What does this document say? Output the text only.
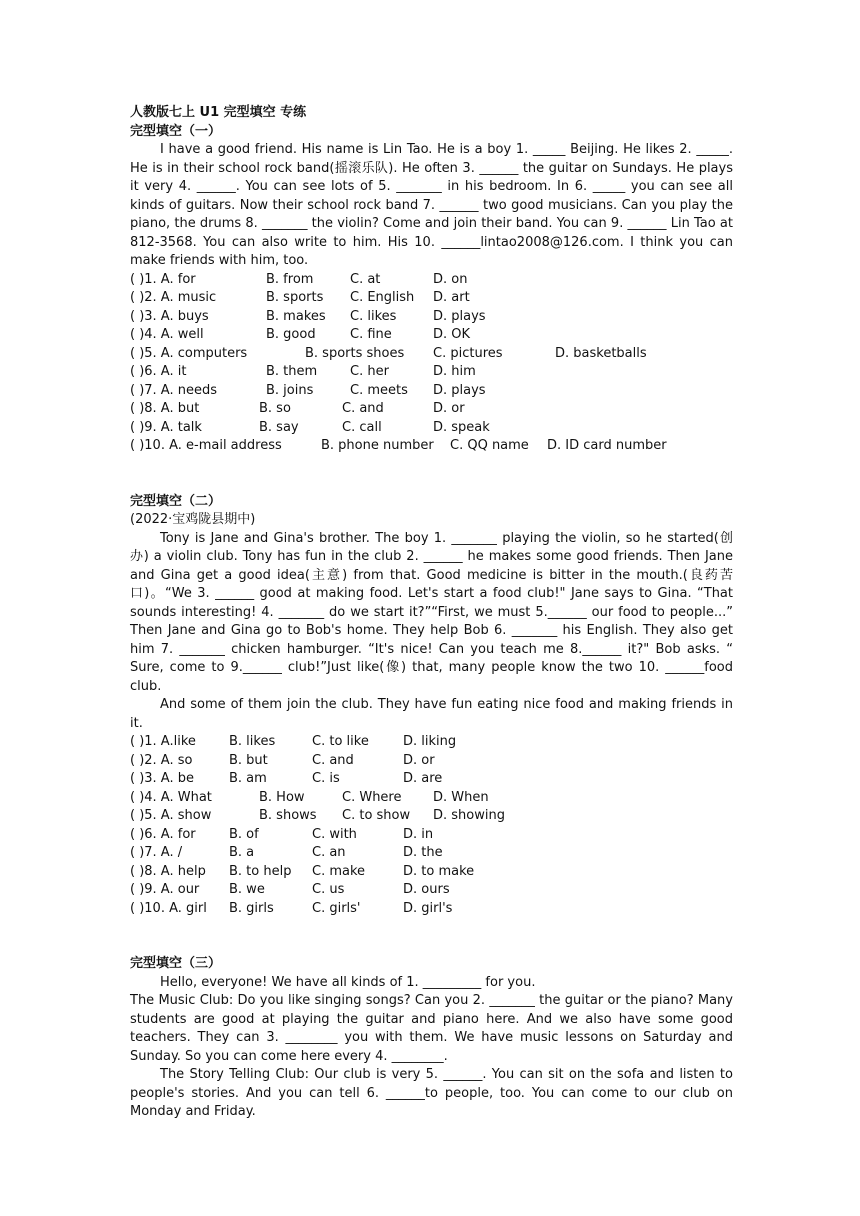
人教版七上 U1 完型填空 专练
完型填空（一）

I have a good friend. His name is Lin Tao. He is a boy 1. _____ Beijing. He likes 2. _____. He is in their school rock band(摇滚乐队). He often 3. ______ the guitar on Sundays. He plays it very 4. ______. You can see lots of 5. _______ in his bedroom. In 6. _____ you can see all kinds of guitars. Now their school rock band 7. ______ two good musicians. Can you play the piano, the drums 8. _______ the violin? Come and join their band. You can 9. ______ Lin Tao at 812-3568. You can also write to him. His 10. ______lintao2008@126.com. I think you can make friends with him, too.

( )1. A. for	B. from	C. at	D. on
( )2. A. music	B. sports C. English D. art
( )3. A. buys	B. makes C. likes	D. plays
( )4. A. well	B. good	C. fine	D. OK
( )5. A. computers	B. sports shoes C. pictures	D. basketballs
( )6. A. it	B. them	C. her	D. him
( )7. A. needs	B. joins	C. meets D. plays
( )8. A. but	B. so	C. and	D. or
( )9. A. talk	B. say	C. call	D. speak
( )10. A. e-mail address	B. phone number C. QQ name D. ID card number
完型填空（二）
(2022·宝鸡陇县期中)

Tony is Jane and Gina's brother. The boy 1. _______ playing the violin, so he started(创办) a violin club. Tony has fun in the club 2. ______ he makes some good friends. Then Jane and Gina get a good idea(主意) from that. Good medicine is bitter in the mouth.(良药苦口)。“We 3. ______ good at making food. Let's start a food club!" Jane says to Gina. “That sounds interesting! 4. _______ do we start it?”“First, we must 5.______ our food to people...” Then Jane and Gina go to Bob's home. They help Bob 6. _______ his English. They also get him 7. _______ chicken hamburger. “It's nice! Can you teach me 8.______ it?" Bob asks. “ Sure, come to 9.______ club!”Just like(像) that, many people know the two 10. ______food club.

And some of them join the club. They have fun eating nice food and making friends in it.

( )1. A.like	B. likes	C. to like	D. liking
( )2. A. so	B. but	C. and	D. or
( )3. A. be	B. am	C. is	D. are
( )4. A. What	B. How	C. Where D. When
( )5. A. show	B. shows C. to show D. showing
( )6. A. for	B. of	C. with	D. in
( )7. A. /	B. a	C. an	D. the
( )8. A. help B. to help C. make	D. to make
( )9. A. our B. we	C. us	D. ours
( )10. A. girl B. girls	C. girls'	D. girl's
完型填空（三）

Hello, everyone! We have all kinds of 1. _________ for you.

The Music Club: Do you like singing songs? Can you 2. _______ the guitar or the piano? Many students are good at playing the guitar and piano here. And we also have some good teachers. They can 3. ________ you with them. We have music lessons on Saturday and Sunday. So you can come here every 4. ________.

The Story Telling Club: Our club is very 5. ______. You can sit on the sofa and listen to people's stories. And you can tell 6. ______to people, too. You can come to our club on Monday and Friday.
